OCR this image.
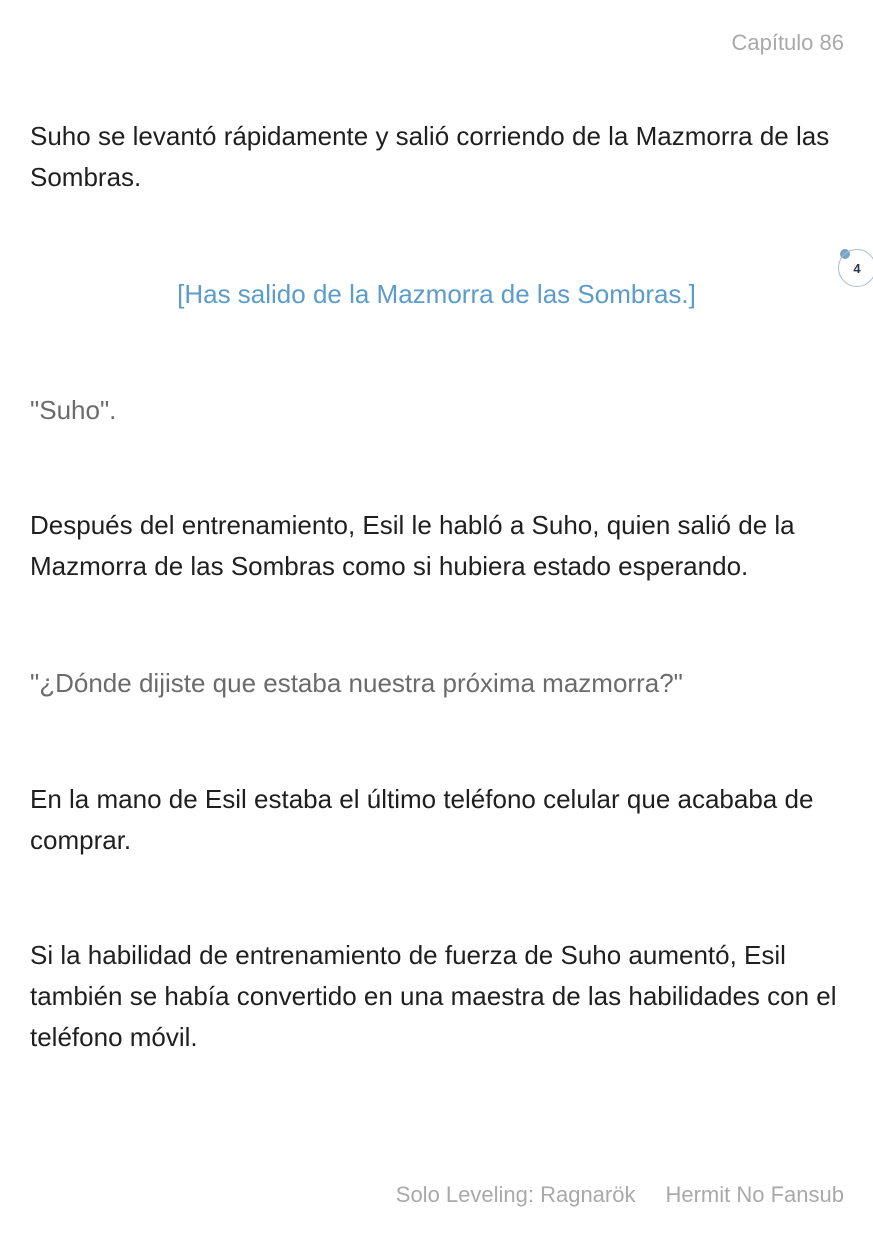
Capítulo 86
Suho se levantó rápidamente y salió corriendo de la Mazmorra de las Sombras.
[Has salido de la Mazmorra de las Sombras.]
4
"Suho".
Después del entrenamiento, Esil le habló a Suho, quien salió de la Mazmorra de las Sombras como si hubiera estado esperando.
"¿Dónde dijiste que estaba nuestra próxima mazmorra?"
En la mano de Esil estaba el último teléfono celular que acababa de comprar.
Si la habilidad de entrenamiento de fuerza de Suho aumentó, Esil también se había convertido en una maestra de las habilidades con el teléfono móvil.
Solo Leveling: Ragnarök Hermit No Fansub
